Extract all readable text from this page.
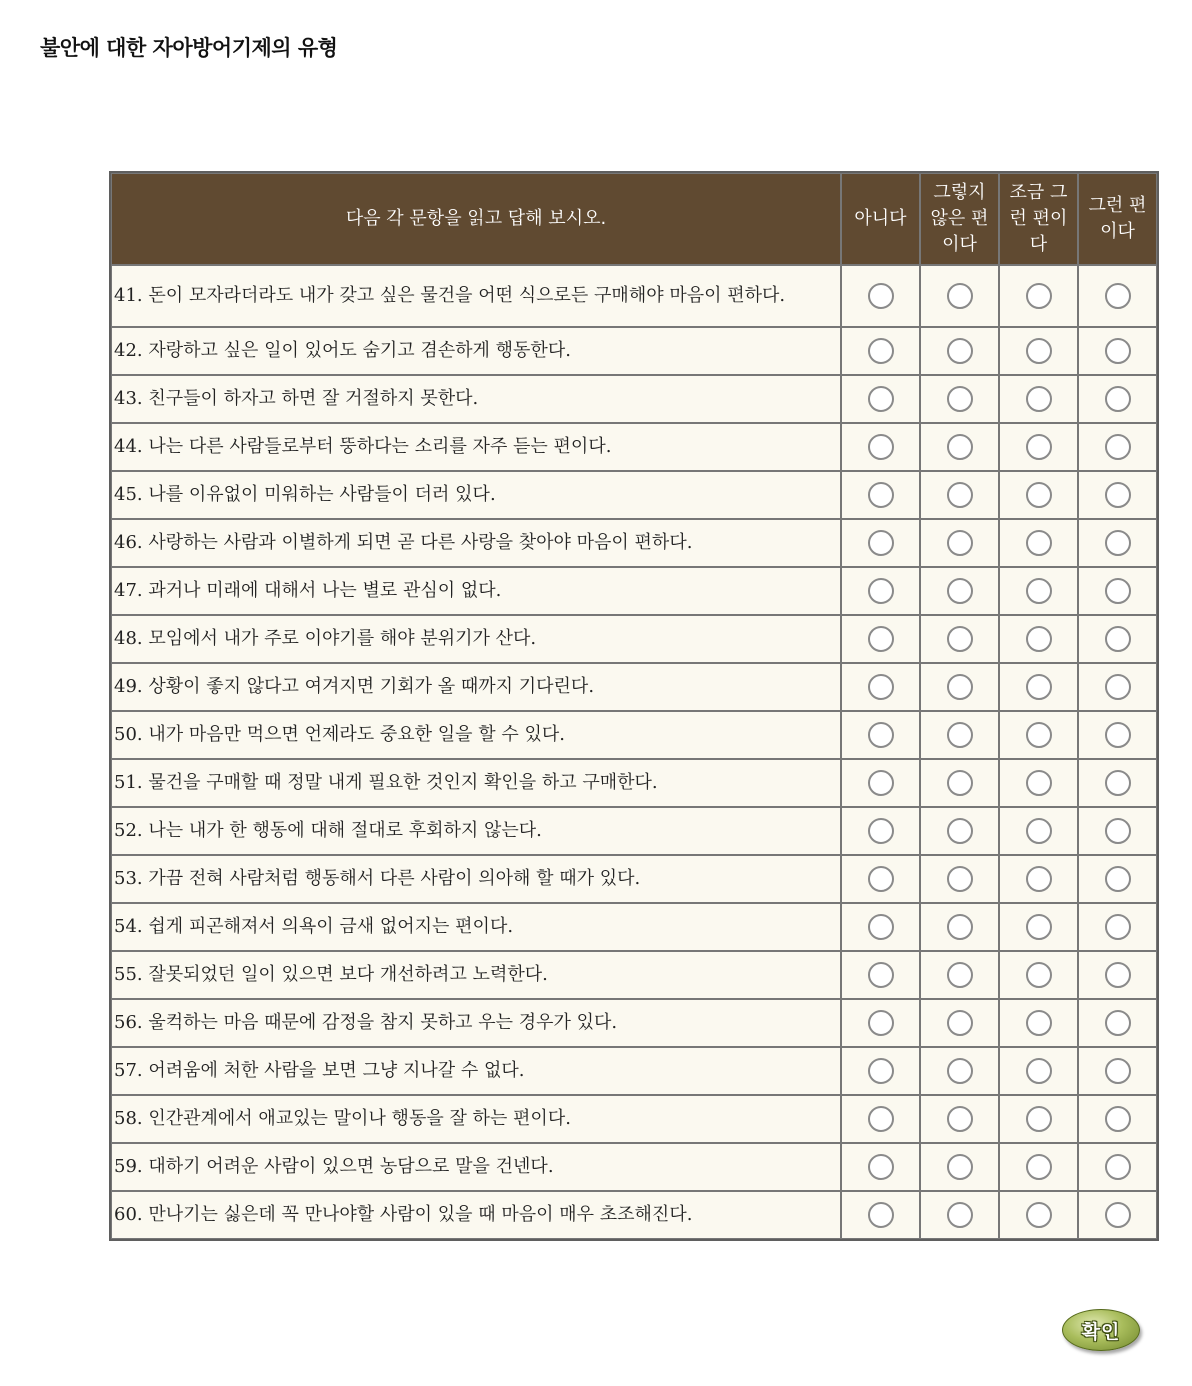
불안에 대한 자아방어기제의 유형
다음 각 문항을 읽고 답해 보시오.	아니다	그렇지 않은 편이다	조금 그런 편이다	그런 편이다
41. 돈이 모자라더라도 내가 갖고 싶은 물건을 어떤 식으로든 구매해야 마음이 편하다.				
42. 자랑하고 싶은 일이 있어도 숨기고 겸손하게 행동한다.				
43. 친구들이 하자고 하면 잘 거절하지 못한다.				
44. 나는 다른 사람들로부터 뚱하다는 소리를 자주 듣는 편이다.				
45. 나를 이유없이 미워하는 사람들이 더러 있다.				
46. 사랑하는 사람과 이별하게 되면 곧 다른 사랑을 찾아야 마음이 편하다.				
47. 과거나 미래에 대해서 나는 별로 관심이 없다.				
48. 모임에서 내가 주로 이야기를 해야 분위기가 산다.				
49. 상황이 좋지 않다고 여겨지면 기회가 올 때까지 기다린다.				
50. 내가 마음만 먹으면 언제라도 중요한 일을 할 수 있다.				
51. 물건을 구매할 때 정말 내게 필요한 것인지 확인을 하고 구매한다.				
52. 나는 내가 한 행동에 대해 절대로 후회하지 않는다.				
53. 가끔 전혀 사람처럼 행동해서 다른 사람이 의아해 할 때가 있다.				
54. 쉽게 피곤해져서 의욕이 금새 없어지는 편이다.				
55. 잘못되었던 일이 있으면 보다 개선하려고 노력한다.				
56. 울컥하는 마음 때문에 감정을 참지 못하고 우는 경우가 있다.				
57. 어려움에 처한 사람을 보면 그냥 지나갈 수 없다.				
58. 인간관계에서 애교있는 말이나 행동을 잘 하는 편이다.				
59. 대하기 어려운 사람이 있으면 농담으로 말을 건넨다.				
60. 만나기는 싫은데 꼭 만나야할 사람이 있을 때 마음이 매우 초조해진다.				
확인
